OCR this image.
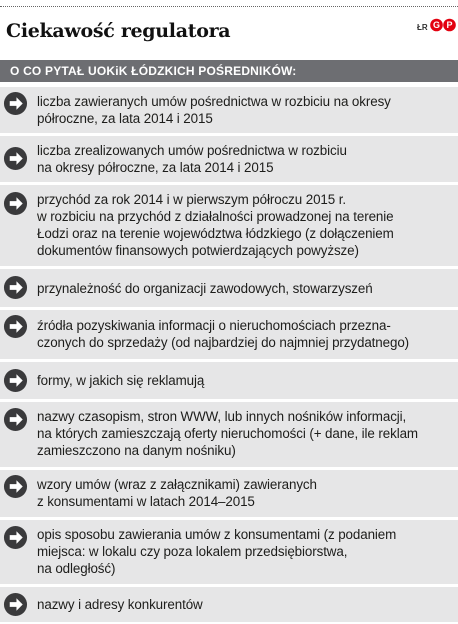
Ciekawość regulatora	ŁR G P
O CO PYTAŁ UOKiK ŁÓDZKICH POŚREDNIKÓW:
liczba zawieranych umów pośrednictwa w rozbiciu na okresy
półroczne, za lata 2014 i 2015
liczba zrealizowanych umów pośrednictwa w rozbiciu
na okresy półroczne, za lata 2014 i 2015
przychód za rok 2014 i w pierwszym półroczu 2015 r.
w rozbiciu na przychód z działalności prowadzonej na terenie
Łodzi oraz na terenie województwa łódzkiego (z dołączeniem
dokumentów finansowych potwierdzających powyższe)
przynależność do organizacji zawodowych, stowarzyszeń
źródła pozyskiwania informacji o nieruchomościach przezna-
czonych do sprzedaży (od najbardziej do najmniej przydatnego)
formy, w jakich się reklamują
nazwy czasopism, stron WWW, lub innych nośników informacji,
na których zamieszczają oferty nieruchomości (+ dane, ile reklam
zamieszczono na danym nośniku)
wzory umów (wraz z załącznikami) zawieranych
z konsumentami w latach 2014–2015
opis sposobu zawierania umów z konsumentami (z podaniem
miejsca: w lokalu czy poza lokalem przedsiębiorstwa,
na odległość)
nazwy i adresy konkurentów
